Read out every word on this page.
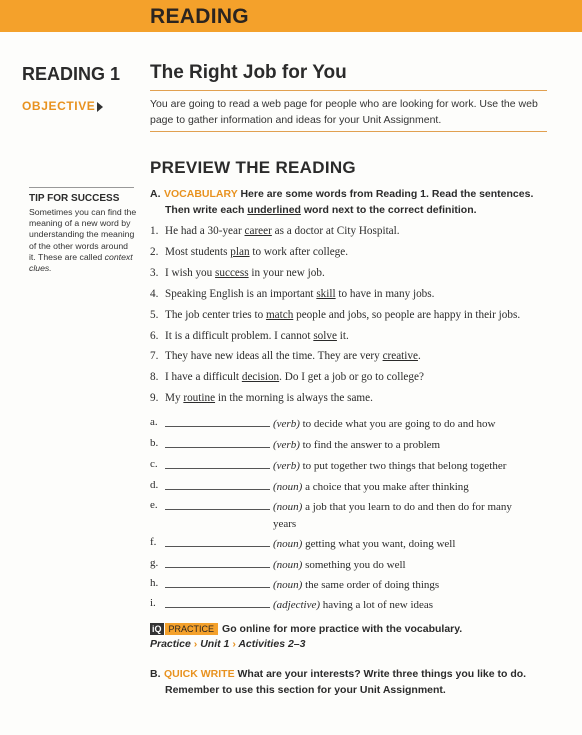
READING
READING 1 The Right Job for You
OBJECTIVE	You are going to read a web page for people who are looking for work. Use the web page to gather information and ideas for your Unit Assignment.
PREVIEW THE READING
TIP FOR SUCCESS
Sometimes you can find the meaning of a new word by understanding the meaning of the other words around it. These are called context clues.
A. VOCABULARY Here are some words from Reading 1. Read the sentences.
Then write each underlined word next to the correct definition.
1. He had a 30-year career as a doctor at City Hospital.
2. Most students plan to work after college.
3. I wish you success in your new job.
4. Speaking English is an important skill to have in many jobs.
5. The job center tries to match people and jobs, so people are happy in their jobs.
6. It is a difficult problem. I cannot solve it.
7. They have new ideas all the time. They are very creative.
8. I have a difficult decision. Do I get a job or go to college?
9. My routine in the morning is always the same.
a.	(verb) to decide what you are going to do and how
b.	(verb) to find the answer to a problem
c.	(verb) to put together two things that belong together
d.	(noun) a choice that you make after thinking
e.	(noun) a job that you learn to do and then do for many years
f.	(noun) getting what you want, doing well
g.	(noun) something you do well
h.	(noun) the same order of doing things
i.	(adjective) having a lot of new ideas
iQ PRACTICE Go online for more practice with the vocabulary.
Practice › Unit 1 › Activities 2–3
B. QUICK WRITE What are your interests? Write three things you like to do.
Remember to use this section for your Unit Assignment.
